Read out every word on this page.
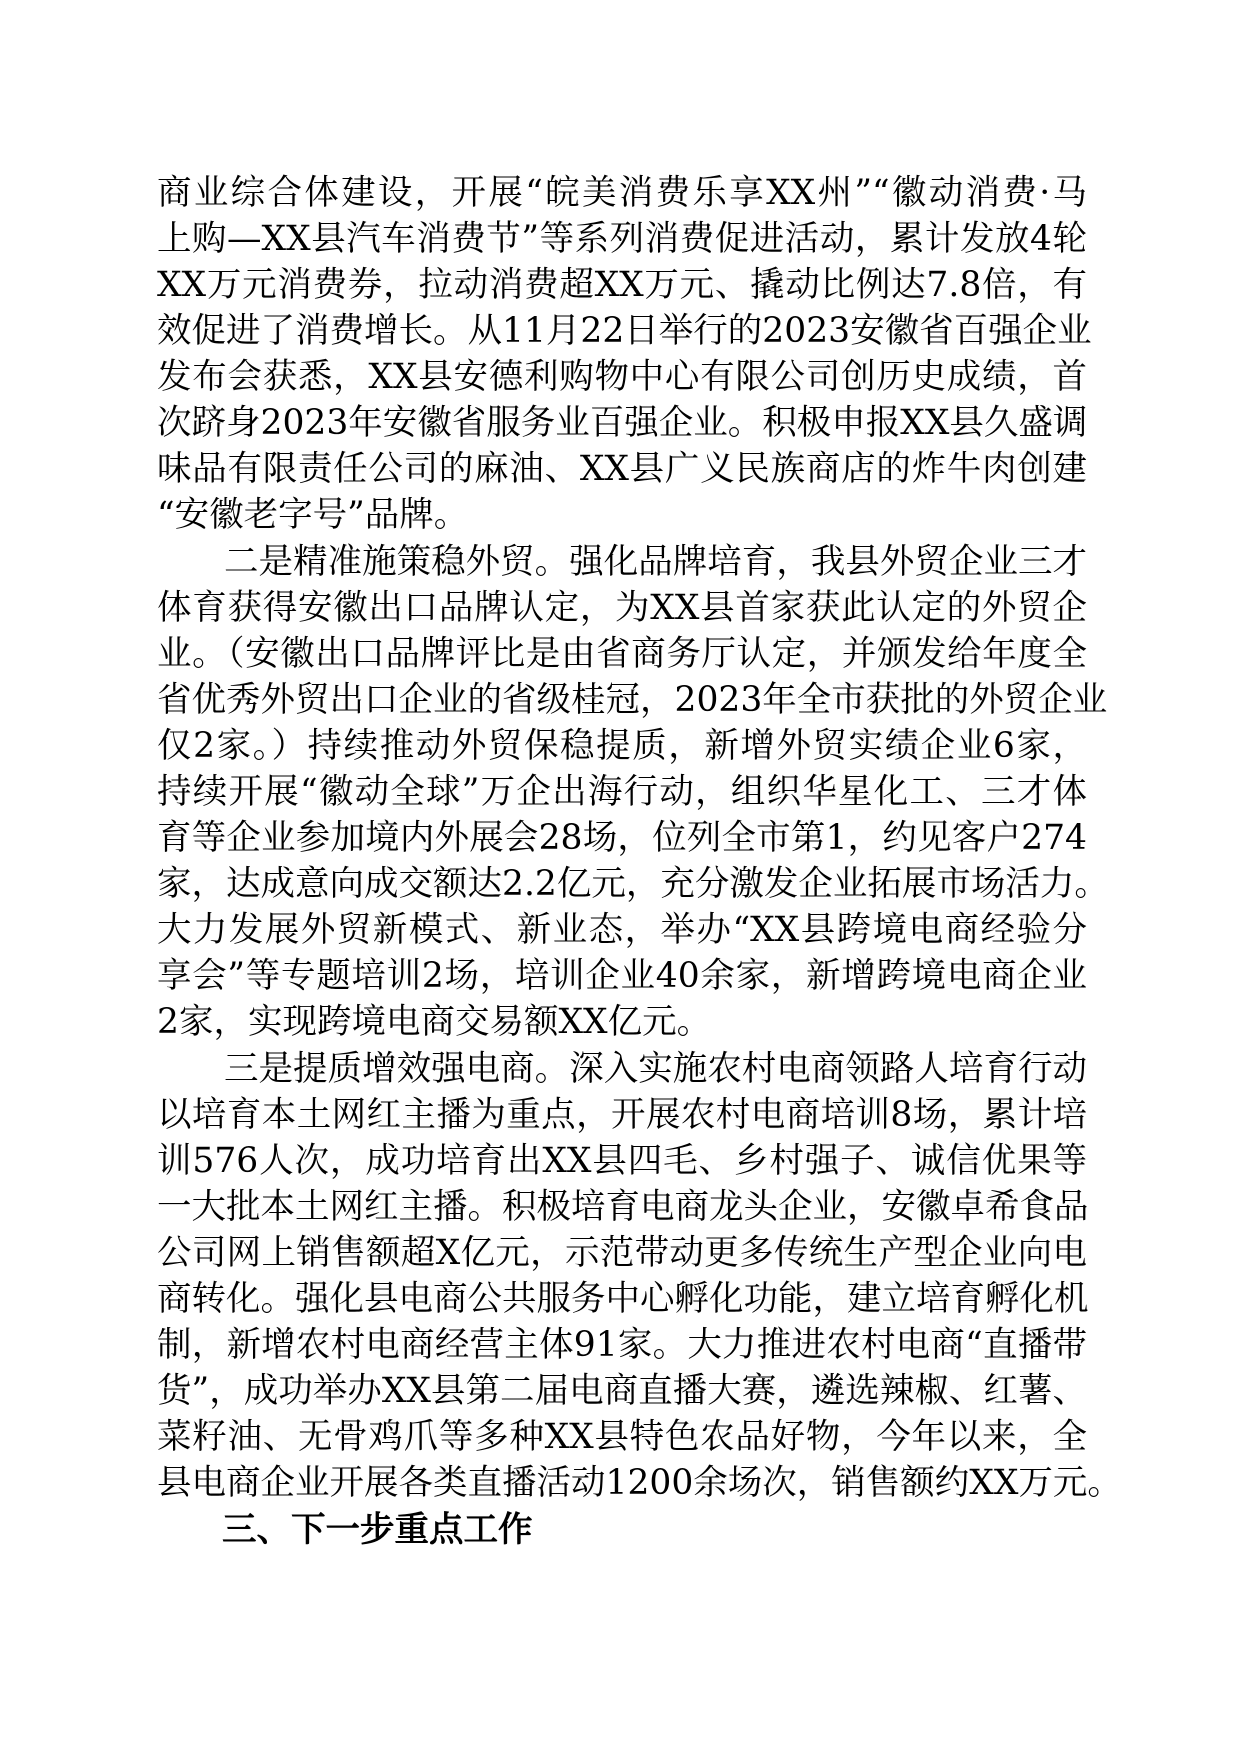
商业综合体建设，开展“皖美消费乐享XX州”“徽动消费·马
上购—XX县汽车消费节”等系列消费促进活动，累计发放4轮
XX万元消费券，拉动消费超XX万元、撬动比例达7.8倍，有
效促进了消费增长。从11月22日举行的2023安徽省百强企业
发布会获悉，XX县安德利购物中心有限公司创历史成绩，首
次跻身2023年安徽省服务业百强企业。积极申报XX县久盛调
味品有限责任公司的麻油、XX县广义民族商店的炸牛肉创建
“安徽老字号”品牌。
二是精准施策稳外贸。强化品牌培育，我县外贸企业三才
体育获得安徽出口品牌认定，为XX县首家获此认定的外贸企
业。（安徽出口品牌评比是由省商务厅认定，并颁发给年度全
省优秀外贸出口企业的省级桂冠，2023年全市获批的外贸企业
仅2家。）持续推动外贸保稳提质，新增外贸实绩企业6家，
持续开展“徽动全球”万企出海行动，组织华星化工、三才体
育等企业参加境内外展会28场，位列全市第1，约见客户274
家，达成意向成交额达2.2亿元，充分激发企业拓展市场活力。
大力发展外贸新模式、新业态，举办“XX县跨境电商经验分
享会”等专题培训2场，培训企业40余家，新增跨境电商企业
2家，实现跨境电商交易额XX亿元。
三是提质增效强电商。深入实施农村电商领路人培育行动
以培育本土网红主播为重点，开展农村电商培训8场，累计培
训576人次，成功培育出XX县四毛、乡村强子、诚信优果等
一大批本土网红主播。积极培育电商龙头企业，安徽卓希食品
公司网上销售额超X亿元，示范带动更多传统生产型企业向电
商转化。强化县电商公共服务中心孵化功能，建立培育孵化机
制，新增农村电商经营主体91家。大力推进农村电商“直播带
货”，成功举办XX县第二届电商直播大赛，遴选辣椒、红薯、
菜籽油、无骨鸡爪等多种XX县特色农品好物，今年以来，全
县电商企业开展各类直播活动1200余场次，销售额约XX万元。
三、下一步重点工作
